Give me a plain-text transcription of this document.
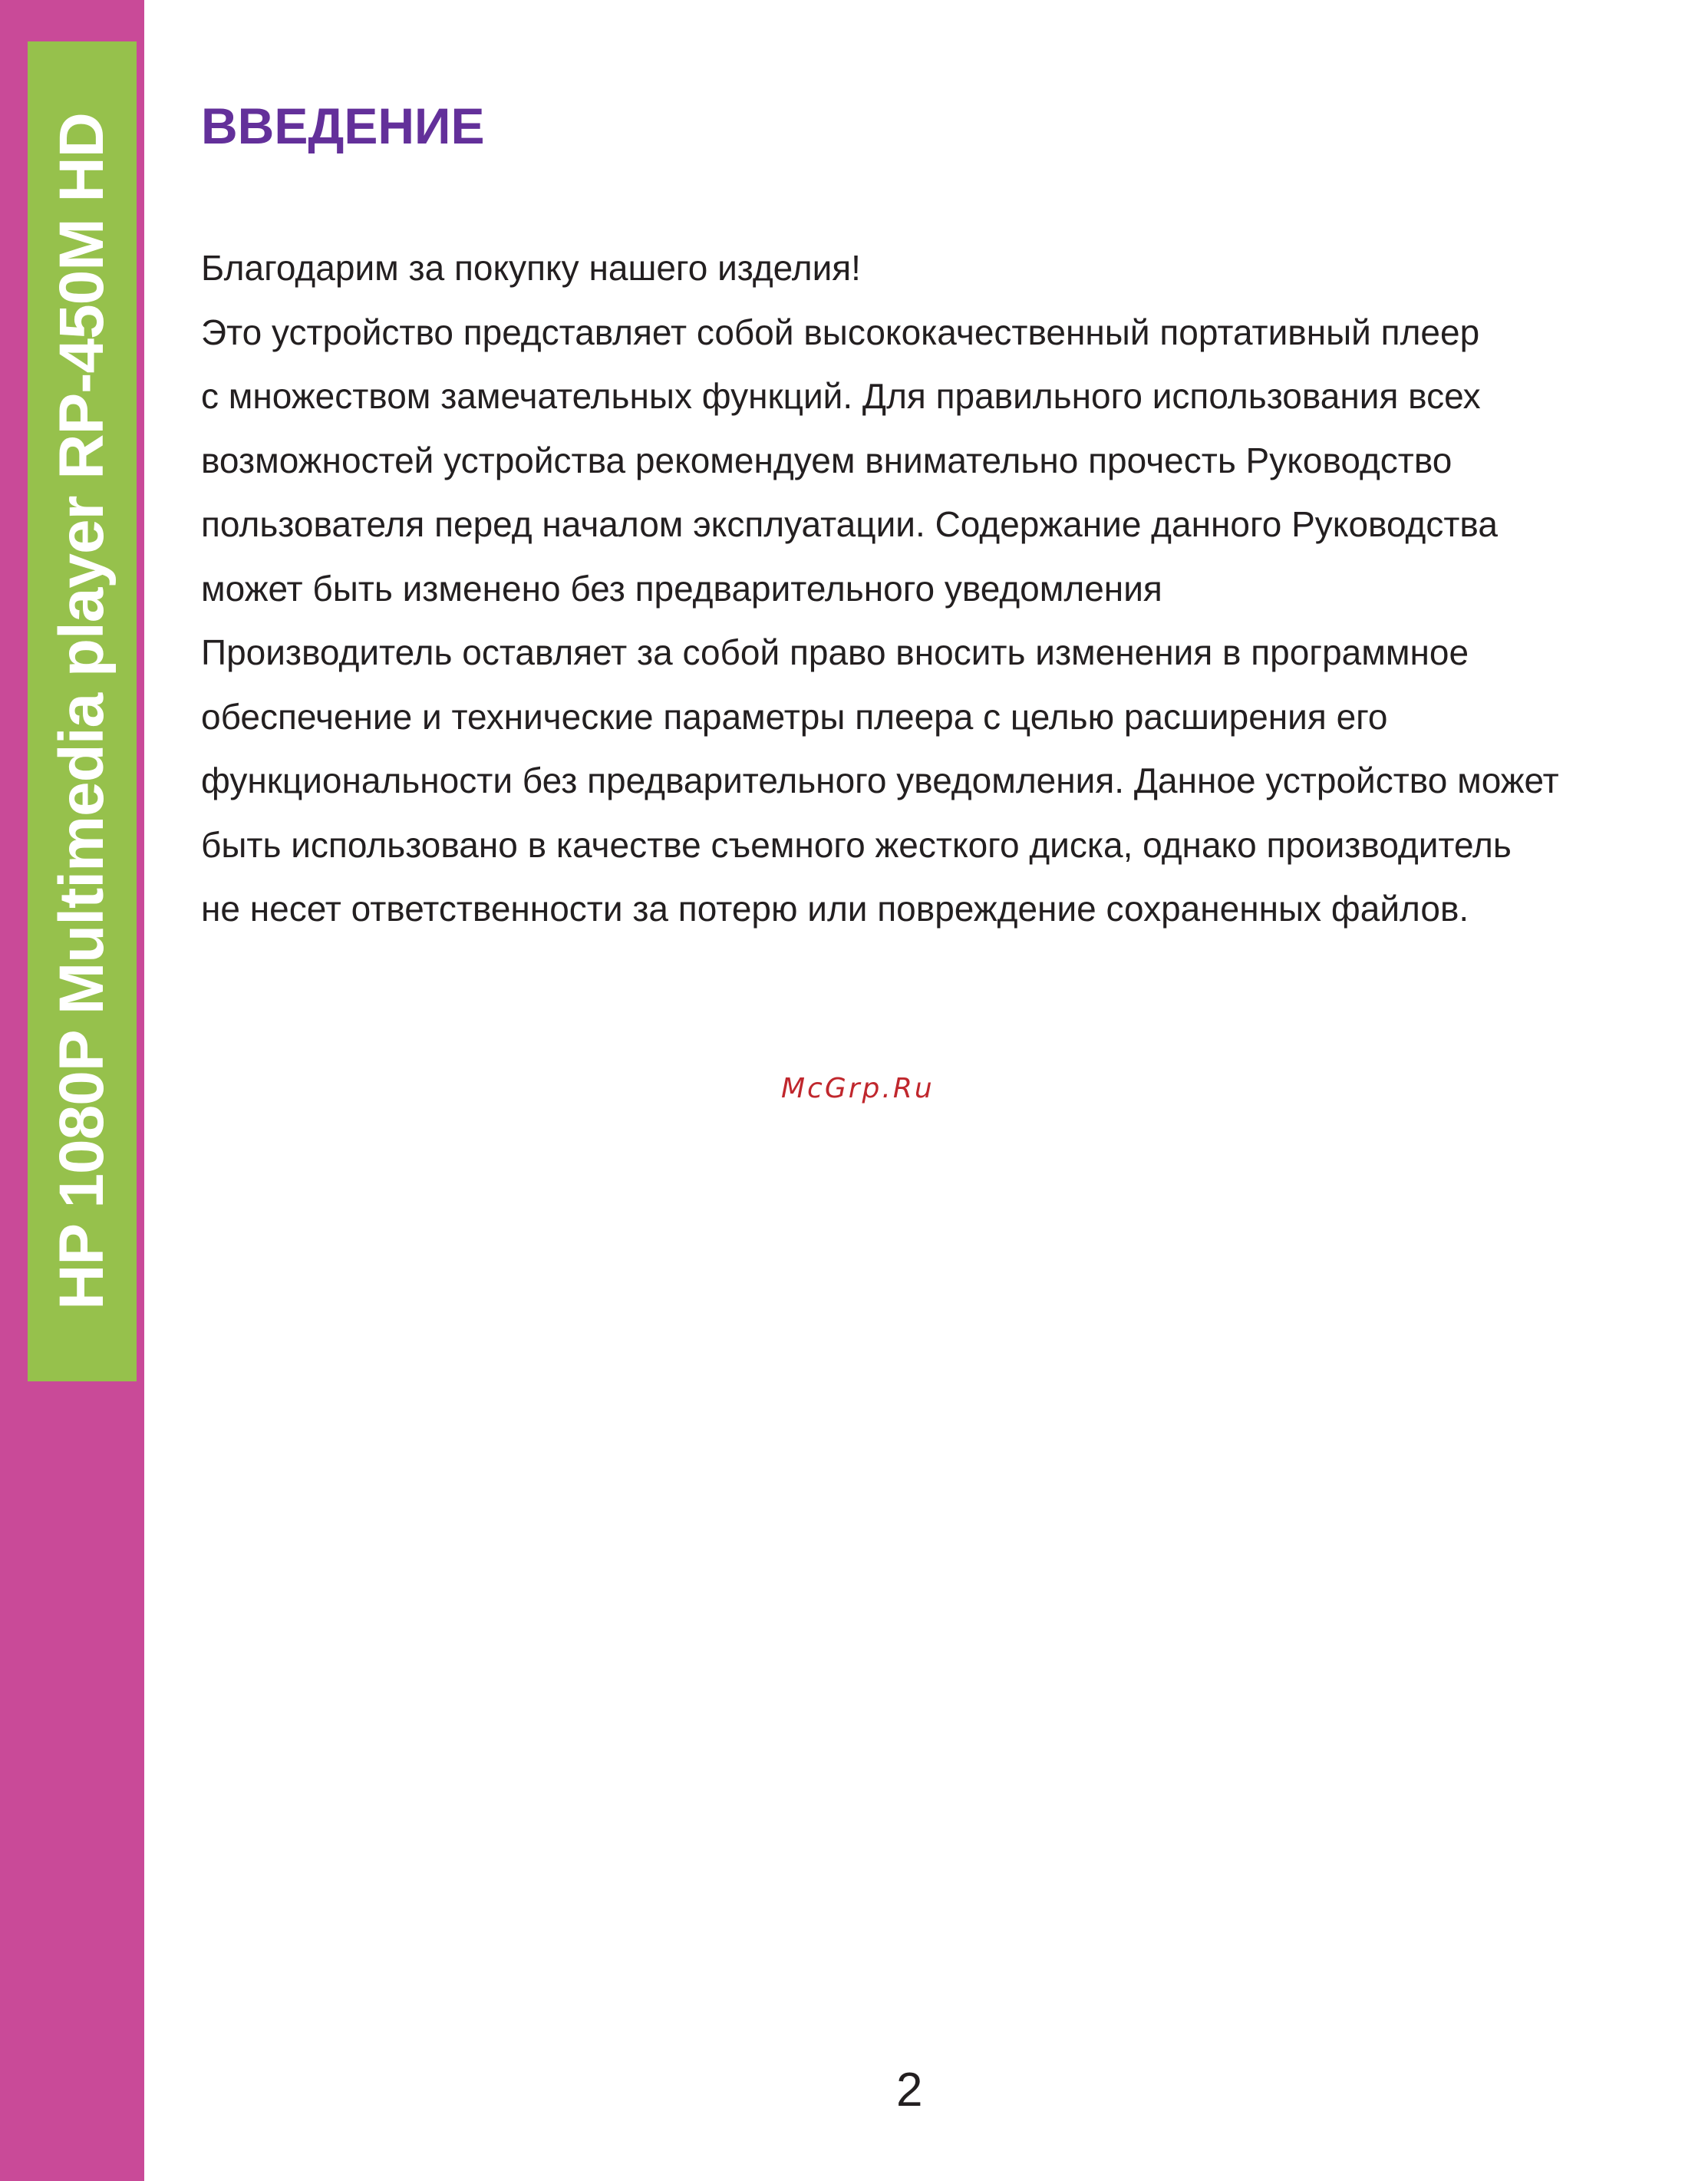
HP 1080P Multimedia player RP-450M HD ВВЕДЕНИЕ

Благодарим за покупку нашего изделия!
Это устройство представляет собой высококачественный портативный плеер
с множеством замечательных функций. Для правильного использования всех
возможностей устройства рекомендуем внимательно прочесть Руководство
пользователя перед началом эксплуатации. Содержание данного Руководства
может быть изменено без предварительного уведомления
Производитель оставляет за собой право вносить изменения в программное
обеспечение и технические параметры плеера с целью расширения его
функциональности без предварительного уведомления. Данное устройство может
быть использовано в качестве съемного жесткого диска, однако производитель
не несет ответственности за потерю или повреждение сохраненных файлов.

McGrp.Ru
2
